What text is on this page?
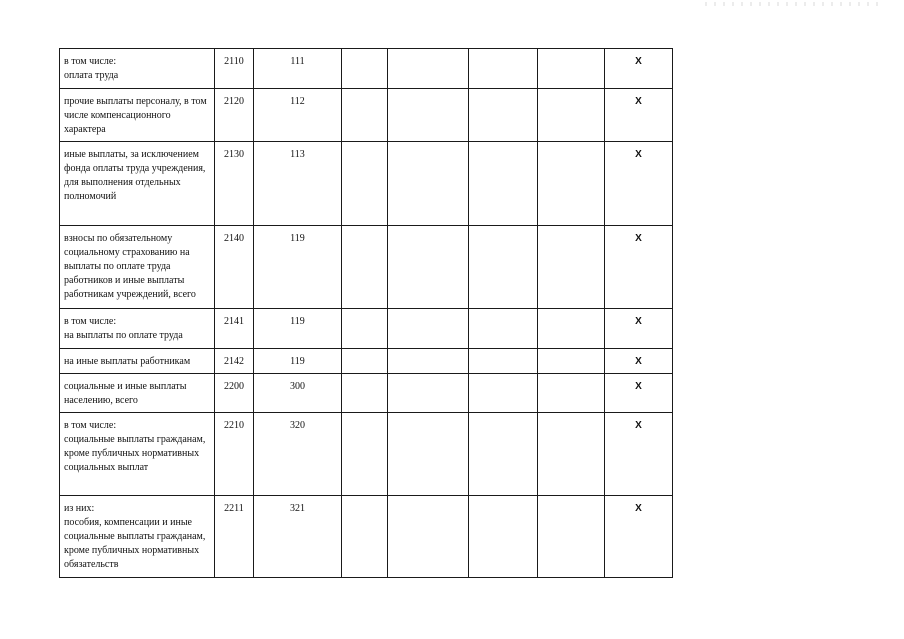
в том числе:
оплата труда	2110	111					X
прочие выплаты персоналу, в том числе компенсационного характера	2120	112					X
иные выплаты, за исключением фонда оплаты труда учреждения, для выполнения отдельных полномочий	2130	113					X
взносы по обязательному социальному страхованию на выплаты по оплате труда работников и иные выплаты работникам учреждений, всего	2140	119					X
в том числе:
на выплаты по оплате труда	2141	119					X
на иные выплаты работникам	2142	119					X
социальные и иные выплаты населению, всего	2200	300					X
в том числе:
социальные выплаты гражданам, кроме публичных нормативных социальных выплат	2210	320					X
из них:
пособия, компенсации и иные социальные выплаты гражданам, кроме публичных нормативных обязательств	2211	321					X
